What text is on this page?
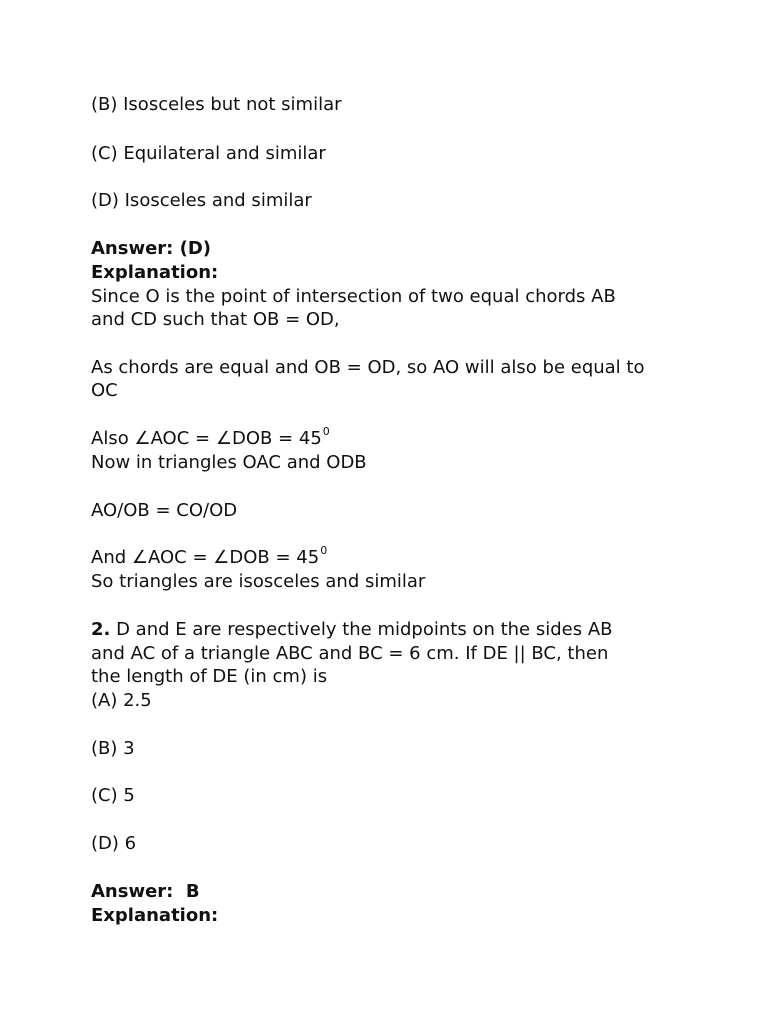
(B) Isosceles but not similar
(C) Equilateral and similar
(D) Isosceles and similar
Answer: (D)
Explanation:
Since O is the point of intersection of two equal chords AB
and CD such that OB = OD,
As chords are equal and OB = OD, so AO will also be equal to
OC
Also ∠AOC = ∠DOB = $45^0$
Now in triangles OAC and ODB
AO/OB = CO/OD
And ∠AOC = ∠DOB = $45^0$
So triangles are isosceles and similar
2. D and E are respectively the midpoints on the sides AB
and AC of a triangle ABC and BC = 6 cm. If DE || BC, then
the length of DE (in cm) is
(A) 2.5
(B) 3
(C) 5
(D) 6
Answer:  B
Explanation:
